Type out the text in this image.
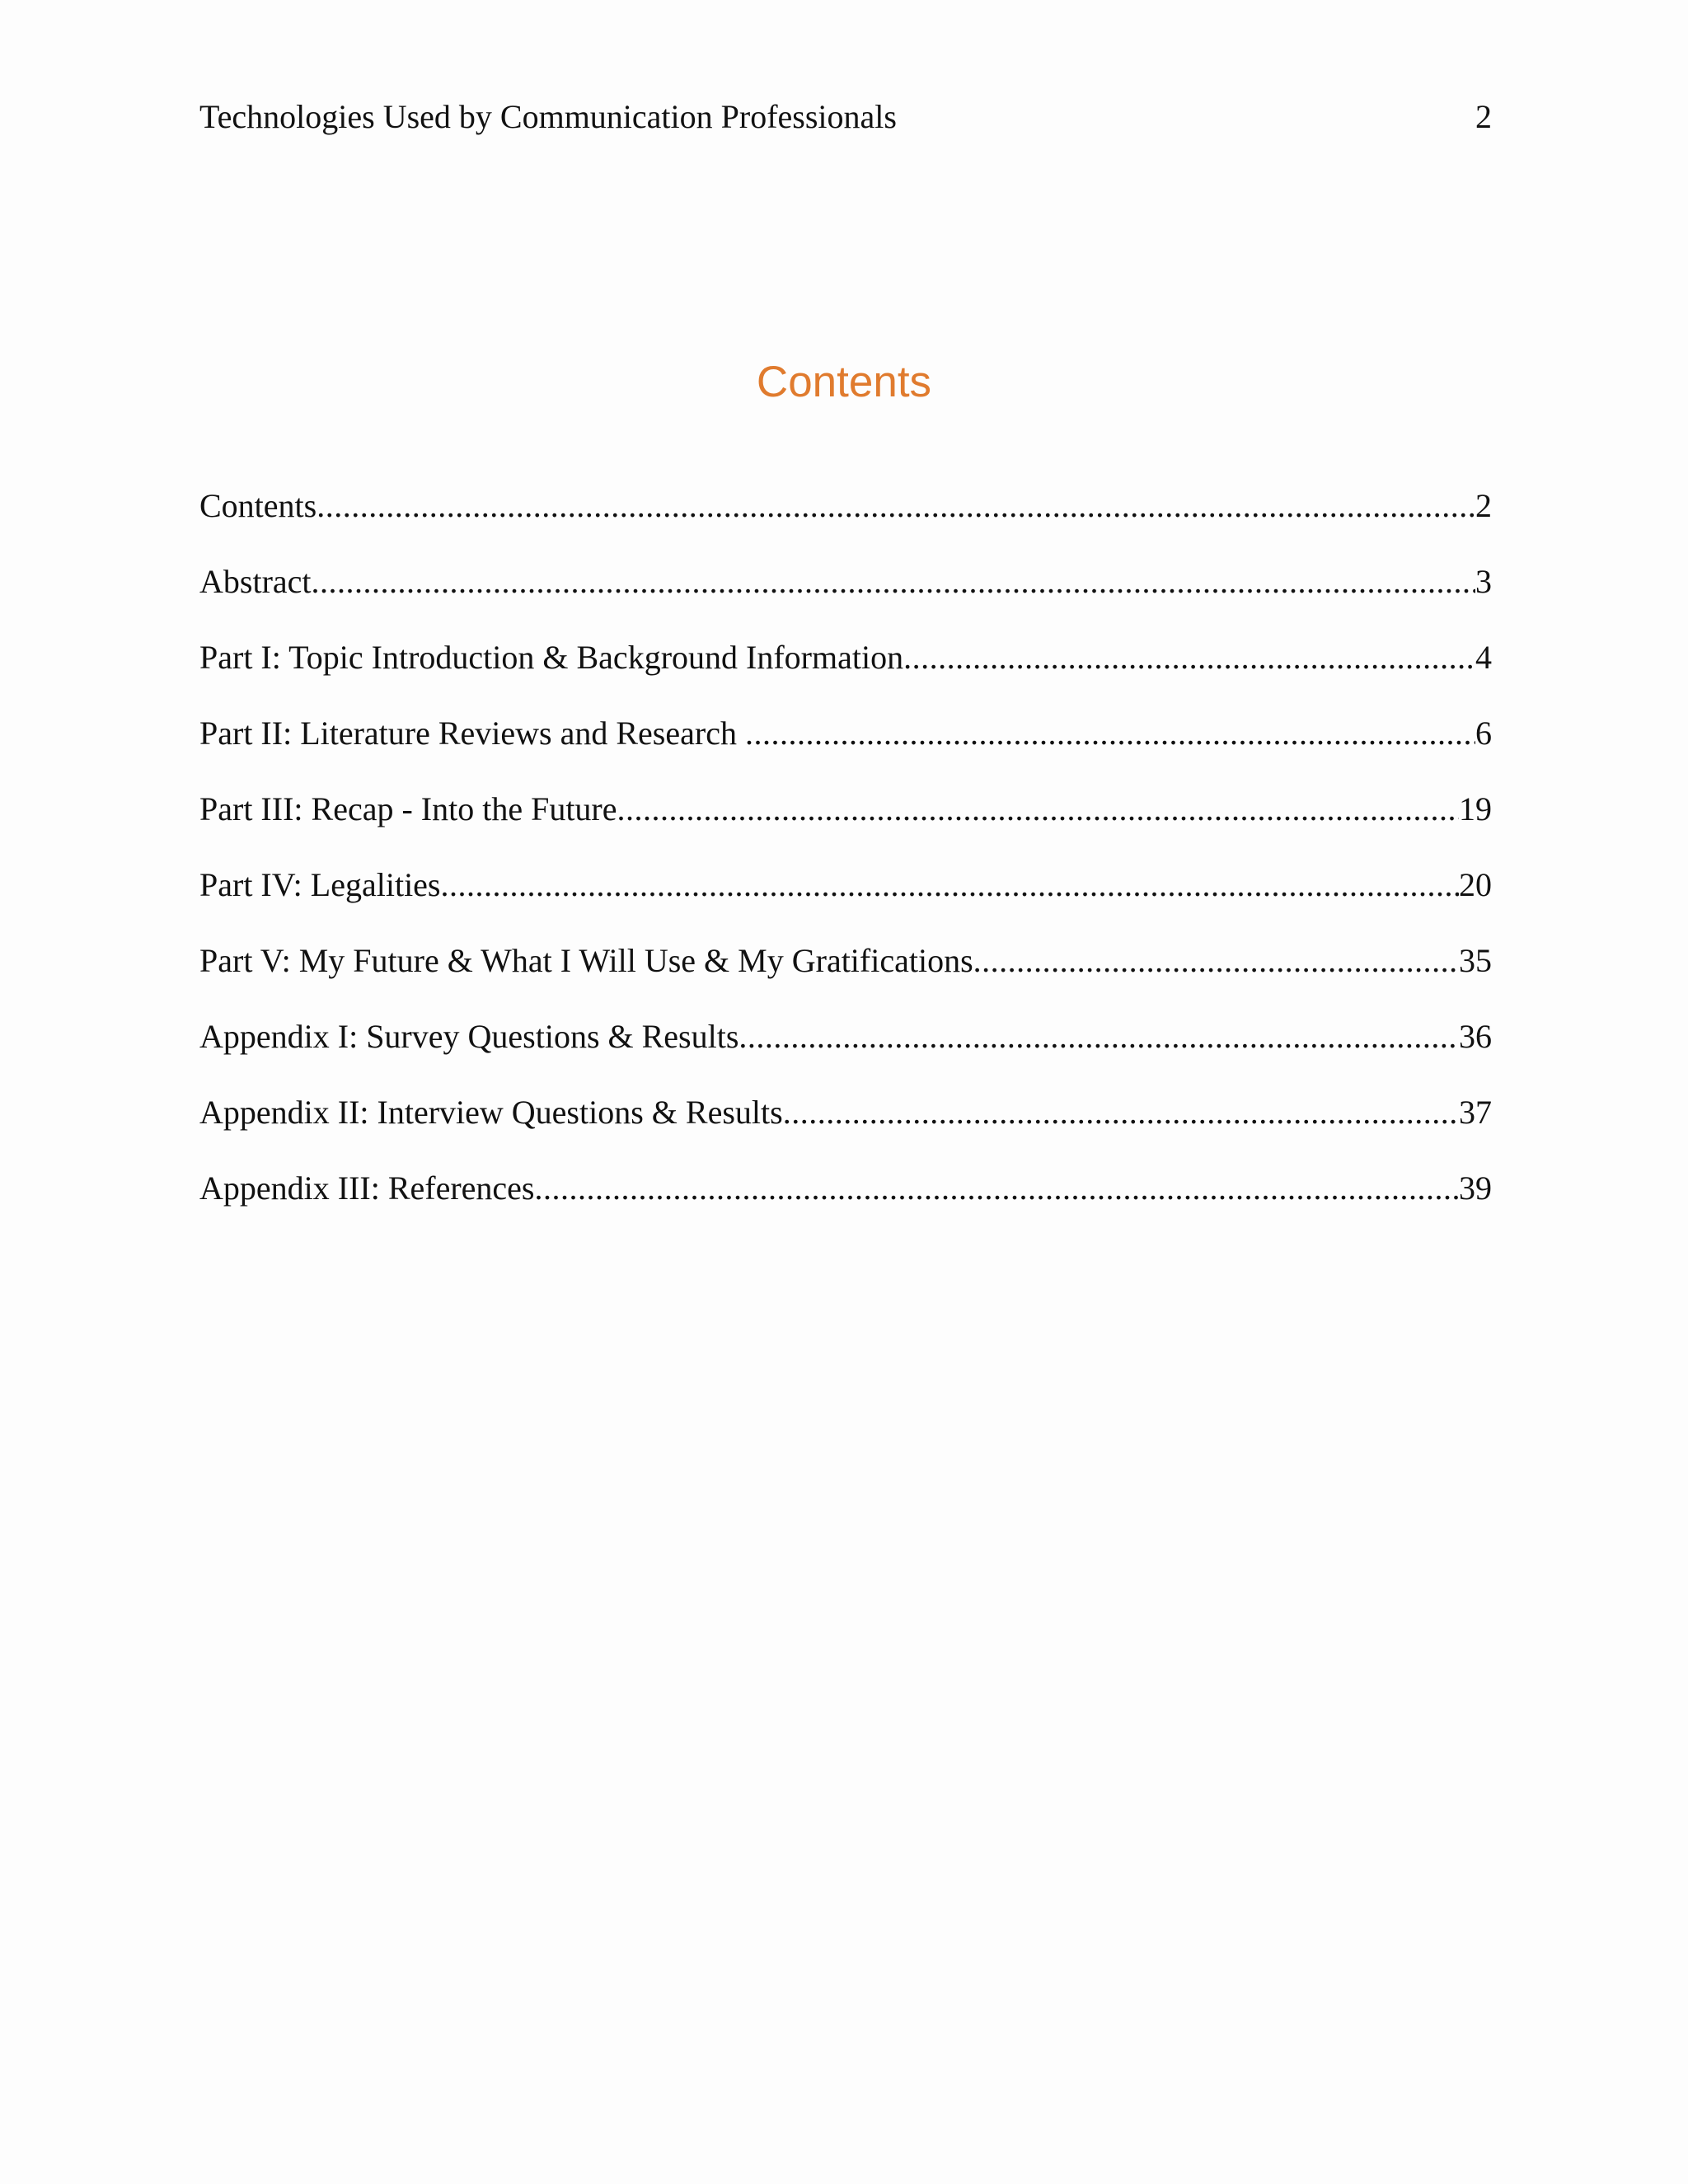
Technologies Used by Communication Professionals	2
Contents
Contents .....	2
Abstract .....	3
Part I: Topic Introduction & Background Information .....	4
Part II: Literature Reviews and Research .....	6
Part III: Recap - Into the Future .....	19
Part IV: Legalities .....	20
Part V: My Future & What I Will Use & My Gratifications .....	35
Appendix I: Survey Questions & Results .....	36
Appendix II: Interview Questions & Results .....	37
Appendix III: References .....	39
